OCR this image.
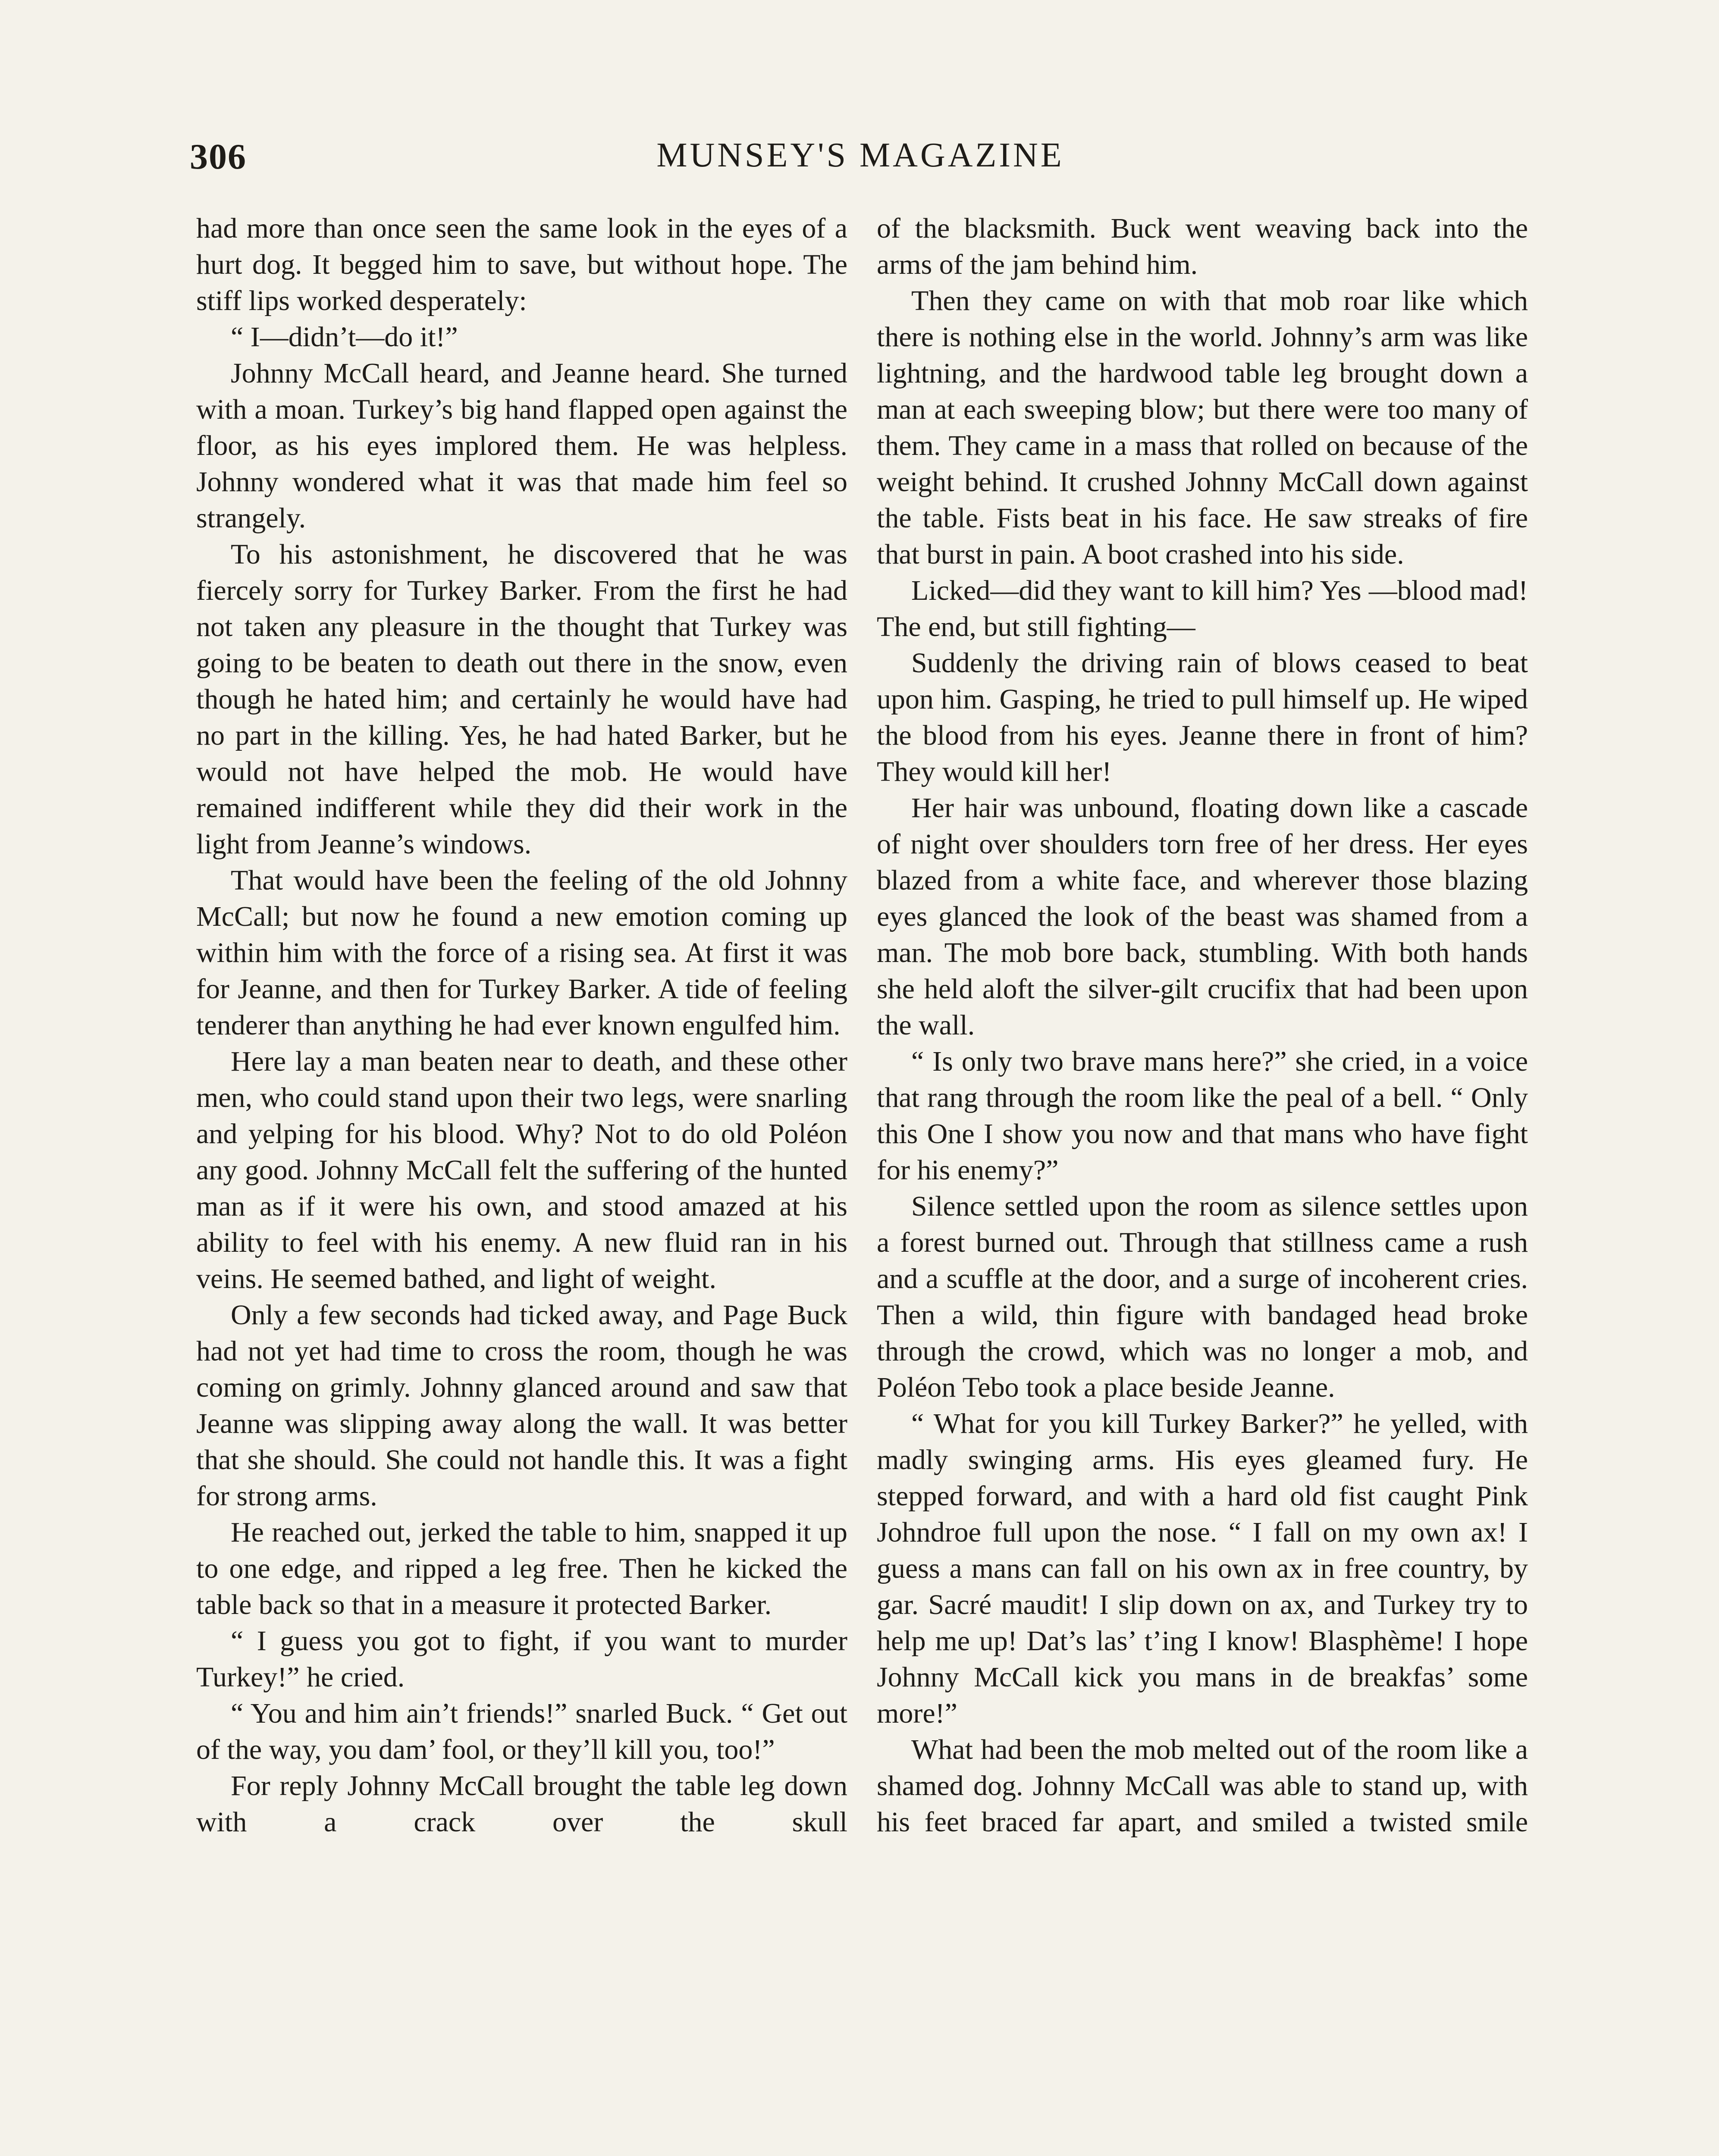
306	MUNSEY'S MAGAZINE

had more than once seen the same look in the eyes of a hurt dog. It begged him to save, but without hope. The stiff lips worked desperately:

“ I—didn’t—do it!”

Johnny McCall heard, and Jeanne heard. She turned with a moan. Turkey’s big hand flapped open against the floor, as his eyes implored them. He was helpless. Johnny wondered what it was that made him feel so strangely.

To his astonishment, he discovered that he was fiercely sorry for Turkey Barker. From the first he had not taken any pleasure in the thought that Turkey was going to be beaten to death out there in the snow, even though he hated him; and certainly he would have had no part in the killing. Yes, he had hated Barker, but he would not have helped the mob. He would have remained indifferent while they did their work in the light from Jeanne’s windows.

That would have been the feeling of the old Johnny McCall; but now he found a new emotion coming up within him with the force of a rising sea. At first it was for Jeanne, and then for Turkey Barker. A tide of feeling tenderer than anything he had ever known engulfed him.

Here lay a man beaten near to death, and these other men, who could stand upon their two legs, were snarling and yelping for his blood. Why? Not to do old Poléon any good. Johnny McCall felt the suffering of the hunted man as if it were his own, and stood amazed at his ability to feel with his enemy. A new fluid ran in his veins. He seemed bathed, and light of weight.

Only a few seconds had ticked away, and Page Buck had not yet had time to cross the room, though he was coming on grimly. Johnny glanced around and saw that Jeanne was slipping away along the wall. It was better that she should. She could not handle this. It was a fight for strong arms.

He reached out, jerked the table to him, snapped it up to one edge, and ripped a leg free. Then he kicked the table back so that in a measure it protected Barker.

“ I guess you got to fight, if you want to murder Turkey!” he cried.

“ You and him ain’t friends!” snarled Buck. “ Get out of the way, you dam’ fool, or they’ll kill you, too!”

For reply Johnny McCall brought the table leg down with a crack over the skull

of the blacksmith. Buck went weaving back into the arms of the jam behind him.

Then they came on with that mob roar like which there is nothing else in the world. Johnny’s arm was like lightning, and the hardwood table leg brought down a man at each sweeping blow; but there were too many of them. They came in a mass that rolled on because of the weight behind. It crushed Johnny McCall down against the table. Fists beat in his face. He saw streaks of fire that burst in pain. A boot crashed into his side.

Licked—did they want to kill him? Yes —blood mad! The end, but still fighting—

Suddenly the driving rain of blows ceased to beat upon him. Gasping, he tried to pull himself up. He wiped the blood from his eyes. Jeanne there in front of him? They would kill her!

Her hair was unbound, floating down like a cascade of night over shoulders torn free of her dress. Her eyes blazed from a white face, and wherever those blazing eyes glanced the look of the beast was shamed from a man. The mob bore back, stumbling. With both hands she held aloft the silver-gilt crucifix that had been upon the wall.

“ Is only two brave mans here?” she cried, in a voice that rang through the room like the peal of a bell. “ Only this One I show you now and that mans who have fight for his enemy?”

Silence settled upon the room as silence settles upon a forest burned out. Through that stillness came a rush and a scuffle at the door, and a surge of incoherent cries. Then a wild, thin figure with bandaged head broke through the crowd, which was no longer a mob, and Poléon Tebo took a place beside Jeanne.

“ What for you kill Turkey Barker?” he yelled, with madly swinging arms. His eyes gleamed fury. He stepped forward, and with a hard old fist caught Pink Johndroe full upon the nose. “ I fall on my own ax! I guess a mans can fall on his own ax in free country, by gar. Sacré maudit! I slip down on ax, and Turkey try to help me up! Dat’s las’ t’ing I know! Blasphème! I hope Johnny McCall kick you mans in de breakfas’ some more!”

What had been the mob melted out of the room like a shamed dog. Johnny McCall was able to stand up, with his feet braced far apart, and smiled a twisted smile
